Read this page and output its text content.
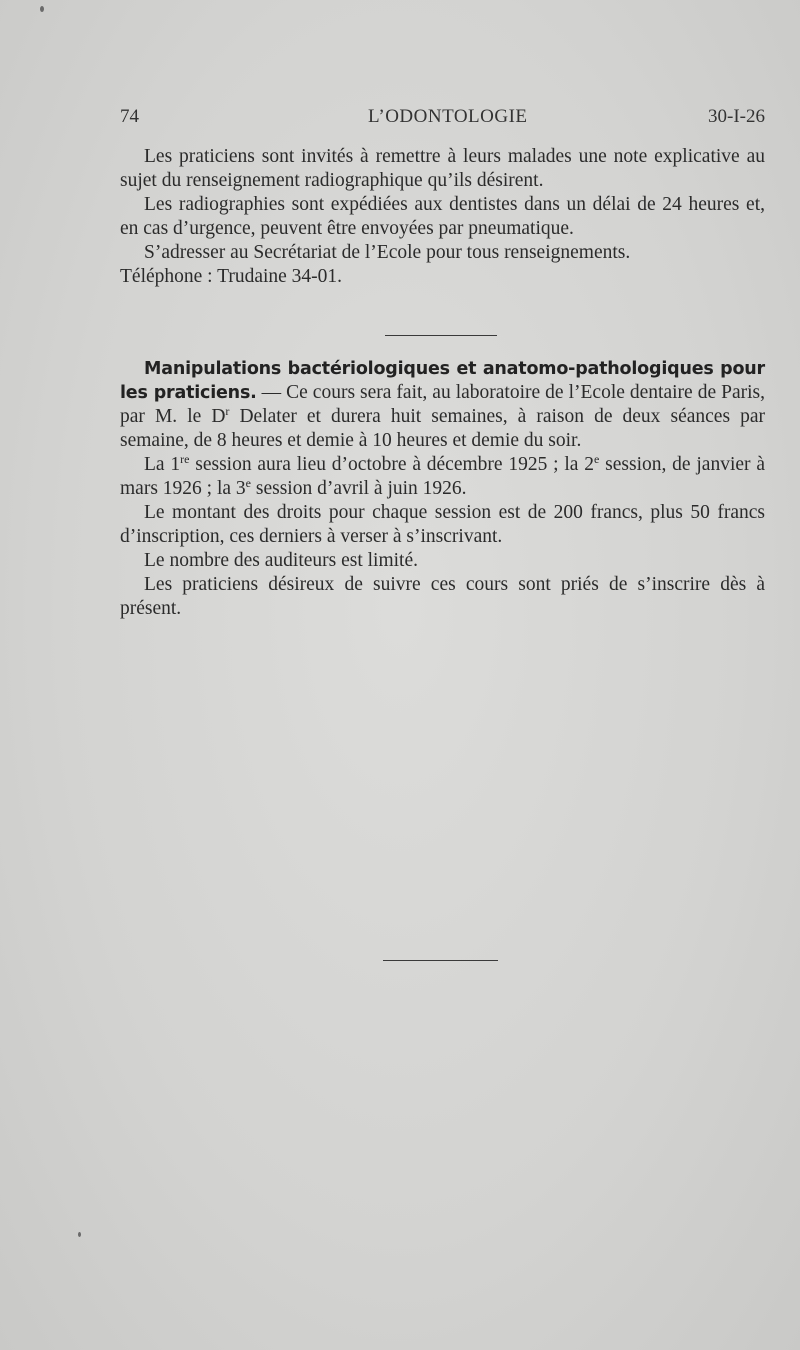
74	L’ODONTOLOGIE	30-I-26

Les praticiens sont invités à remettre à leurs malades une note explicative au sujet du renseignement radiographique qu’ils désirent.

Les radiographies sont expédiées aux dentistes dans un délai de 24 heures et, en cas d’urgence, peuvent être envoyées par pneumatique.

S’adresser au Secrétariat de l’Ecole pour tous renseignements.

Téléphone : Trudaine 34-01.

Manipulations bactériologiques et anatomo-pathologiques pour les praticiens. — Ce cours sera fait, au laboratoire de l’Ecole dentaire de Paris, par M. le $D^r$ Delater et durera huit semaines, à raison de deux séances par semaine, de 8 heures et demie à 10 heures et demie du soir.

La 1re session aura lieu d’octobre à décembre 1925 ; la 2e session, de janvier à mars 1926 ; la 3e session d’avril à juin 1926.

Le montant des droits pour chaque session est de 200 francs, plus 50 francs d’inscription, ces derniers à verser à s’inscrivant.

Le nombre des auditeurs est limité.

Les praticiens désireux de suivre ces cours sont priés de s’inscrire dès à présent.
